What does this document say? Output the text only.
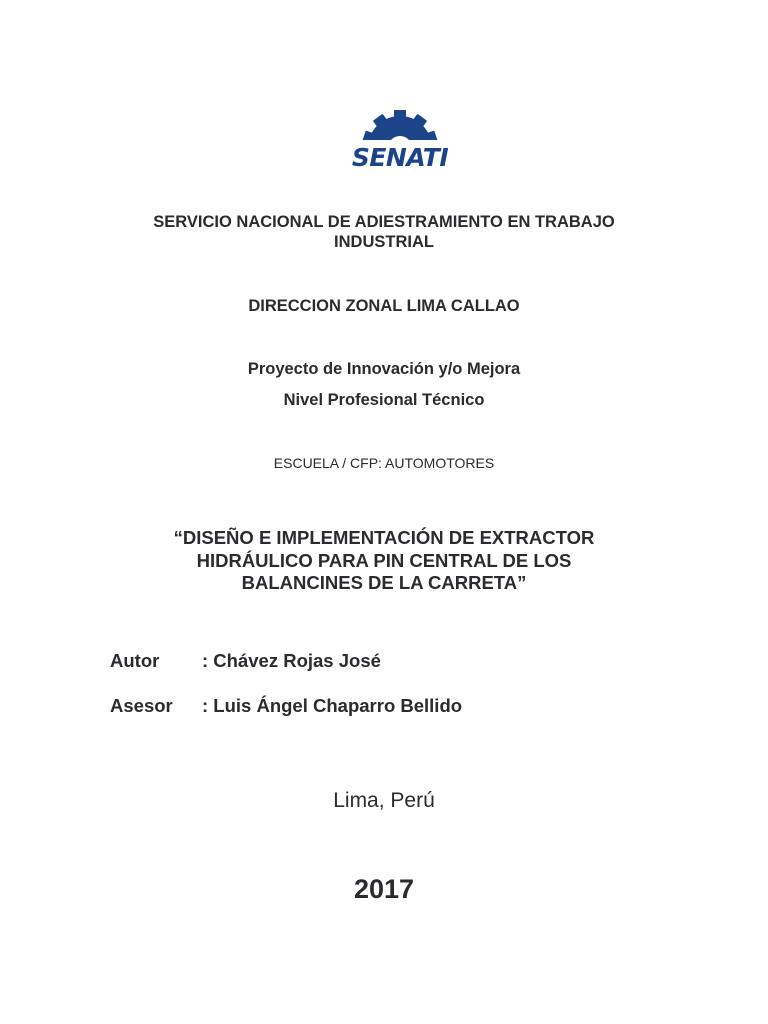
SENATI
SERVICIO NACIONAL DE ADIESTRAMIENTO EN TRABAJO
INDUSTRIAL
DIRECCION ZONAL LIMA CALLAO
Proyecto de Innovación y/o Mejora
Nivel Profesional Técnico
ESCUELA / CFP: AUTOMOTORES
“DISEÑO E IMPLEMENTACIÓN DE EXTRACTOR
HIDRÁULICO PARA PIN CENTRAL DE LOS
BALANCINES DE LA CARRETA”
Autor : Chávez Rojas José
Asesor : Luis Ángel Chaparro Bellido
Lima, Perú
2017
